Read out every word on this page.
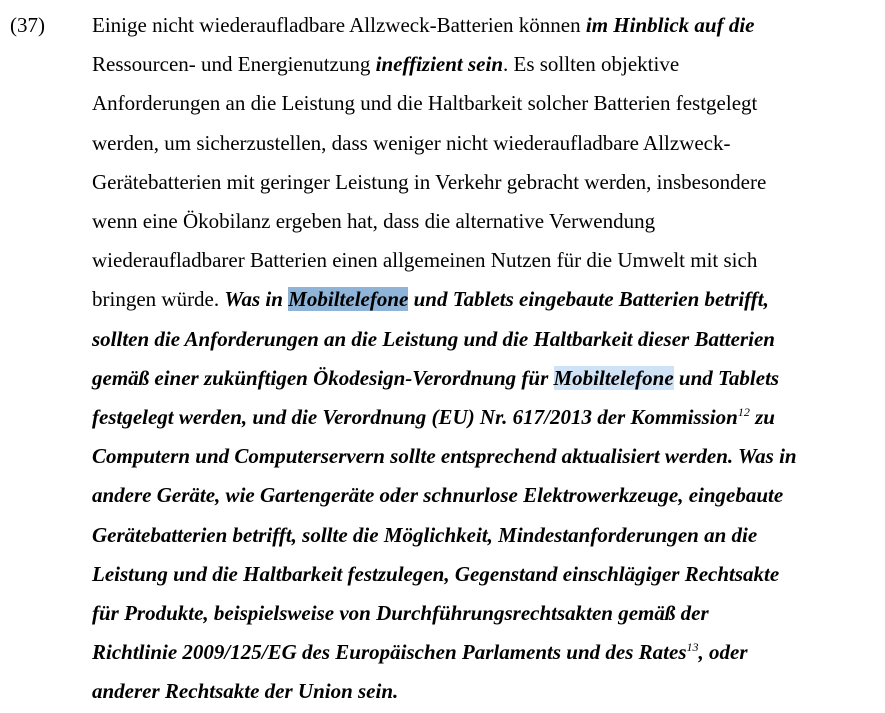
(37) Einige nicht wiederaufladbare Allzweck-Batterien können im Hinblick auf die
Ressourcen- und Energienutzung ineffizient sein. Es sollten objektive
Anforderungen an die Leistung und die Haltbarkeit solcher Batterien festgelegt
werden, um sicherzustellen, dass weniger nicht wiederaufladbare Allzweck-
Gerätebatterien mit geringer Leistung in Verkehr gebracht werden, insbesondere
wenn eine Ökobilanz ergeben hat, dass die alternative Verwendung
wiederaufladbarer Batterien einen allgemeinen Nutzen für die Umwelt mit sich
bringen würde. Was in Mobiltelefone und Tablets eingebaute Batterien betrifft,
sollten die Anforderungen an die Leistung und die Haltbarkeit dieser Batterien
gemäß einer zukünftigen Ökodesign-Verordnung für Mobiltelefone und Tablets
festgelegt werden, und die Verordnung (EU) Nr. 617/2013 der Kommission$^{12}$ zu
Computern und Computerservern sollte entsprechend aktualisiert werden. Was in
andere Geräte, wie Gartengeräte oder schnurlose Elektrowerkzeuge, eingebaute
Gerätebatterien betrifft, sollte die Möglichkeit, Mindestanforderungen an die
Leistung und die Haltbarkeit festzulegen, Gegenstand einschlägiger Rechtsakte
für Produkte, beispielsweise von Durchführungsrechtsakten gemäß der
Richtlinie 2009/125/EG des Europäischen Parlaments und des Rates$^{13}$, oder
anderer Rechtsakte der Union sein.
